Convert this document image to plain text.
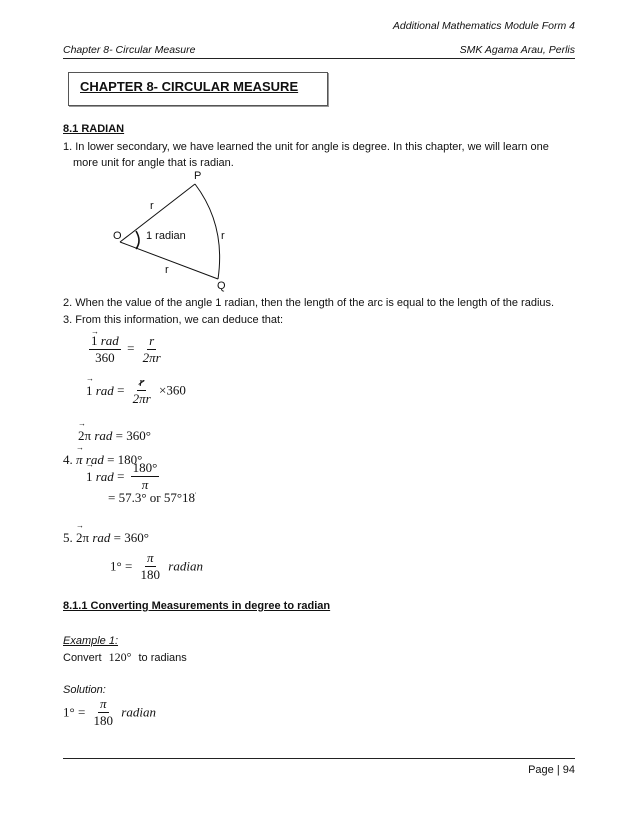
Additional Mathematics Module Form 4
Chapter 8- Circular Measure	SMK Agama Arau, Perlis
CHAPTER 8- CIRCULAR MEASURE
8.1 RADIAN
1. In lower secondary, we have learned the unit for angle is degree. In this chapter, we will learn one
more unit for angle that is radian.
P
r
O 1 radian	r
r
Q
2. When the value of the angle 1 radian, then the length of the arc is equal to the length of the radius.
3. From this information, we can deduce that:
→ $\frac{\text{1 rad}}{360} = \frac{r}{2\pi r}$
→ 1 rad = $\frac{r}{2\pi r} \times 360$
→ 2π rad = 360°
4. → π rad = 180°
→ 1 rad = $\frac{180^\circ}{\pi}$
= 57.3° or 57°18'
5. → 2π rad = 360°
$1^\circ = \frac{\pi}{180}$ radian
8.1.1 Converting Measurements in degree to radian
Example 1:
Convert 120° to radians
Solution:
$1^\circ = \frac{\pi}{180}$ radian
Page | 94
